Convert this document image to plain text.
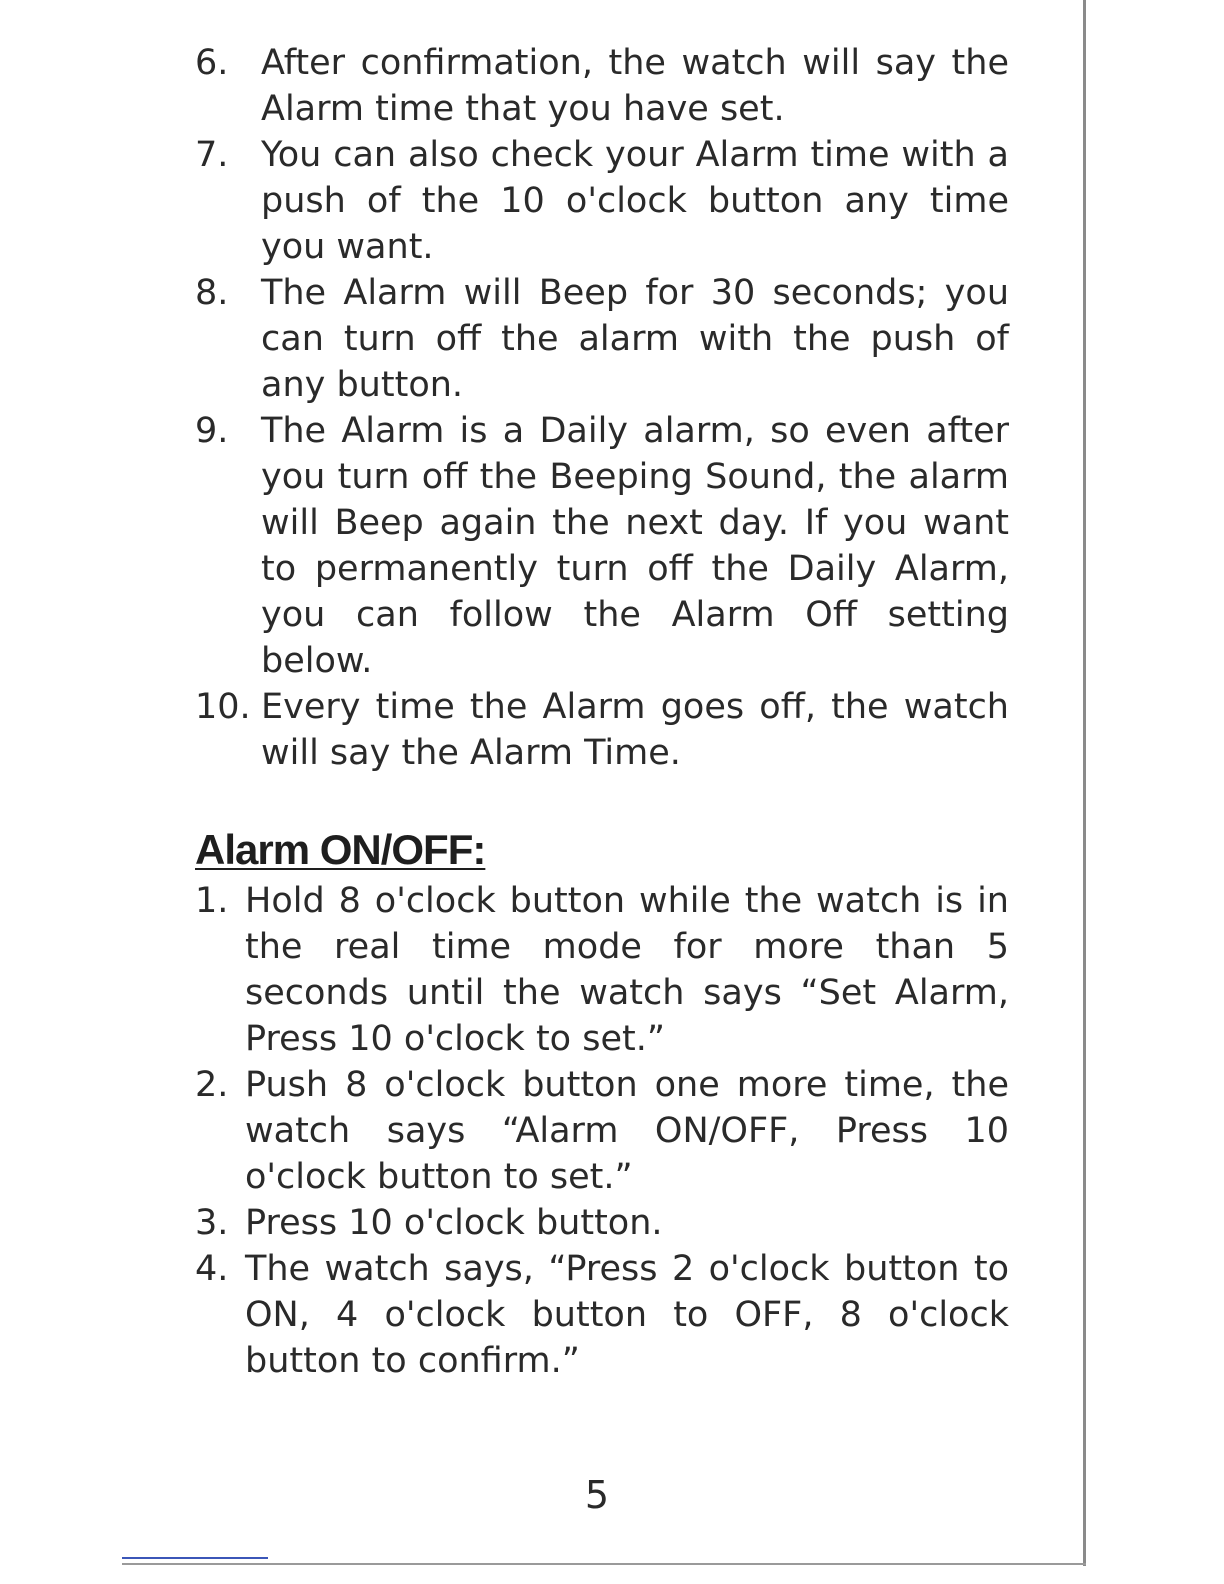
6. After confirmation, the watch will say the Alarm time that you have set.
7. You can also check your Alarm time with a push of the 10 o'clock button any time you want.
8. The Alarm will Beep for 30 seconds; you can turn off the alarm with the push of any button.
9. The Alarm is a Daily alarm, so even after you turn off the Beeping Sound, the alarm will Beep again the next day. If you want to permanently turn off the Daily Alarm, you can follow the Alarm Off setting below.
10. Every time the Alarm goes off, the watch will say the Alarm Time.
Alarm ON/OFF:
1. Hold 8 o'clock button while the watch is in the real time mode for more than 5 seconds until the watch says “Set Alarm, Press 10 o'clock to set.”
2. Push 8 o'clock button one more time, the watch says “Alarm ON/OFF, Press 10 o'clock button to set.”
3. Press 10 o'clock button.
4. The watch says, “Press 2 o'clock button to ON, 4 o'clock button to OFF, 8 o'clock button to confirm.”
5
